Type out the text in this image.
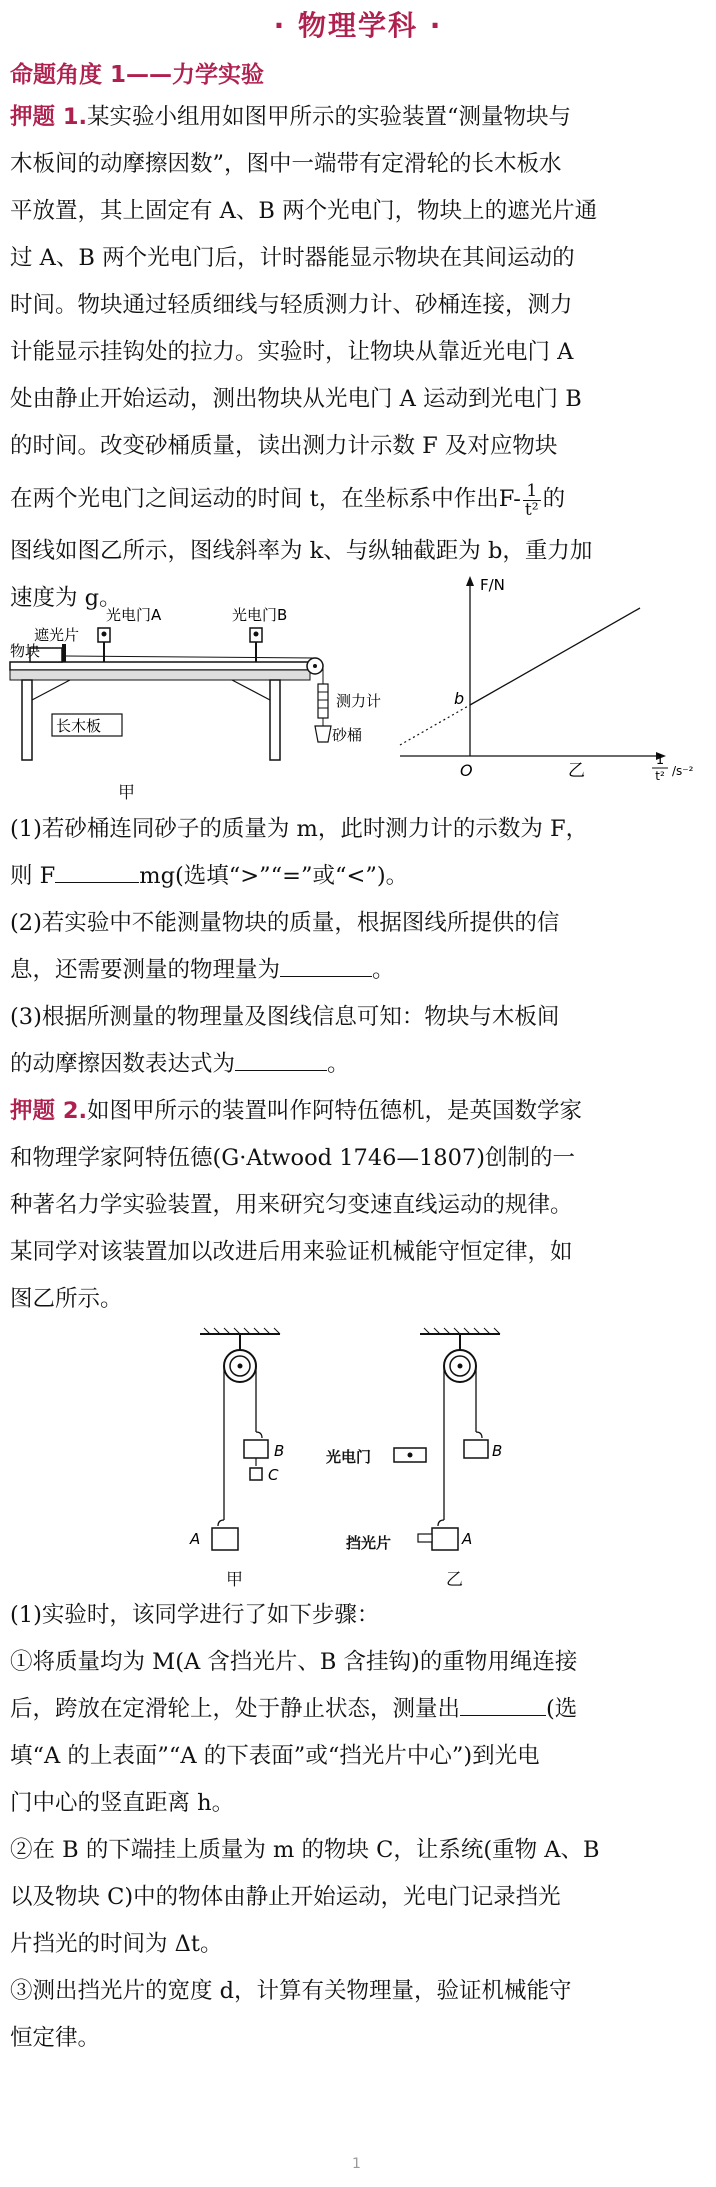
· 物理学科 ·
命题角度 1——力学实验

押题 1.某实验小组用如图甲所示的实验装置“测量物块与

木板间的动摩擦因数”，图中一端带有定滑轮的长木板水

平放置，其上固定有 A、B 两个光电门，物块上的遮光片通

过 A、B 两个光电门后，计时器能显示物块在其间运动的

时间。物块通过轻质细线与轻质测力计、砂桶连接，测力

计能显示挂钩处的拉力。实验时，让物块从靠近光电门 A

处由静止开始运动，测出物块从光电门 A 运动到光电门 B

的时间。改变砂桶质量，读出测力计示数 F 及对应物块

在两个光电门之间运动的时间 t，在坐标系中作出$F- \frac{1}{\text{t²}}$ 的

图线如图乙所示，图线斜率为 k、与纵轴截距为 b，重力加

速度为 g。

光电门A	光电门B
遮光片
物块
长木板
测力计
砂桶
甲
F/N
b
O	乙
1
t² /s⁻²

(1)若砂桶连同砂子的质量为 m，此时测力计的示数为 F，

则 F	mg(选填“>”“=”或“<”)。

(2)若实验中不能测量物块的质量，根据图线所提供的信

息，还需要测量的物理量为	。

(3)根据所测量的物理量及图线信息可知：物块与木板间

的动摩擦因数表达式为	。

押题 2.如图甲所示的装置叫作阿特伍德机，是英国数学家

和物理学家阿特伍德(G·Atwood 1746—1807)创制的一

种著名力学实验装置，用来研究匀变速直线运动的规律。

某同学对该装置加以改进后用来验证机械能守恒定律，如

图乙所示。

B
C
A
甲
B
A
光电门
挡光片
乙

(1)实验时，该同学进行了如下步骤：

①将质量均为 M(A 含挡光片、B 含挂钩)的重物用绳连接

后，跨放在定滑轮上，处于静止状态，测量出	(选

填“A 的上表面”“A 的下表面”或“挡光片中心”)到光电

门中心的竖直距离 h。

②在 B 的下端挂上质量为 m 的物块 C，让系统(重物 A、B

以及物块 C)中的物体由静止开始运动，光电门记录挡光

片挡光的时间为 Δt。

③测出挡光片的宽度 d，计算有关物理量，验证机械能守

恒定律。

1
